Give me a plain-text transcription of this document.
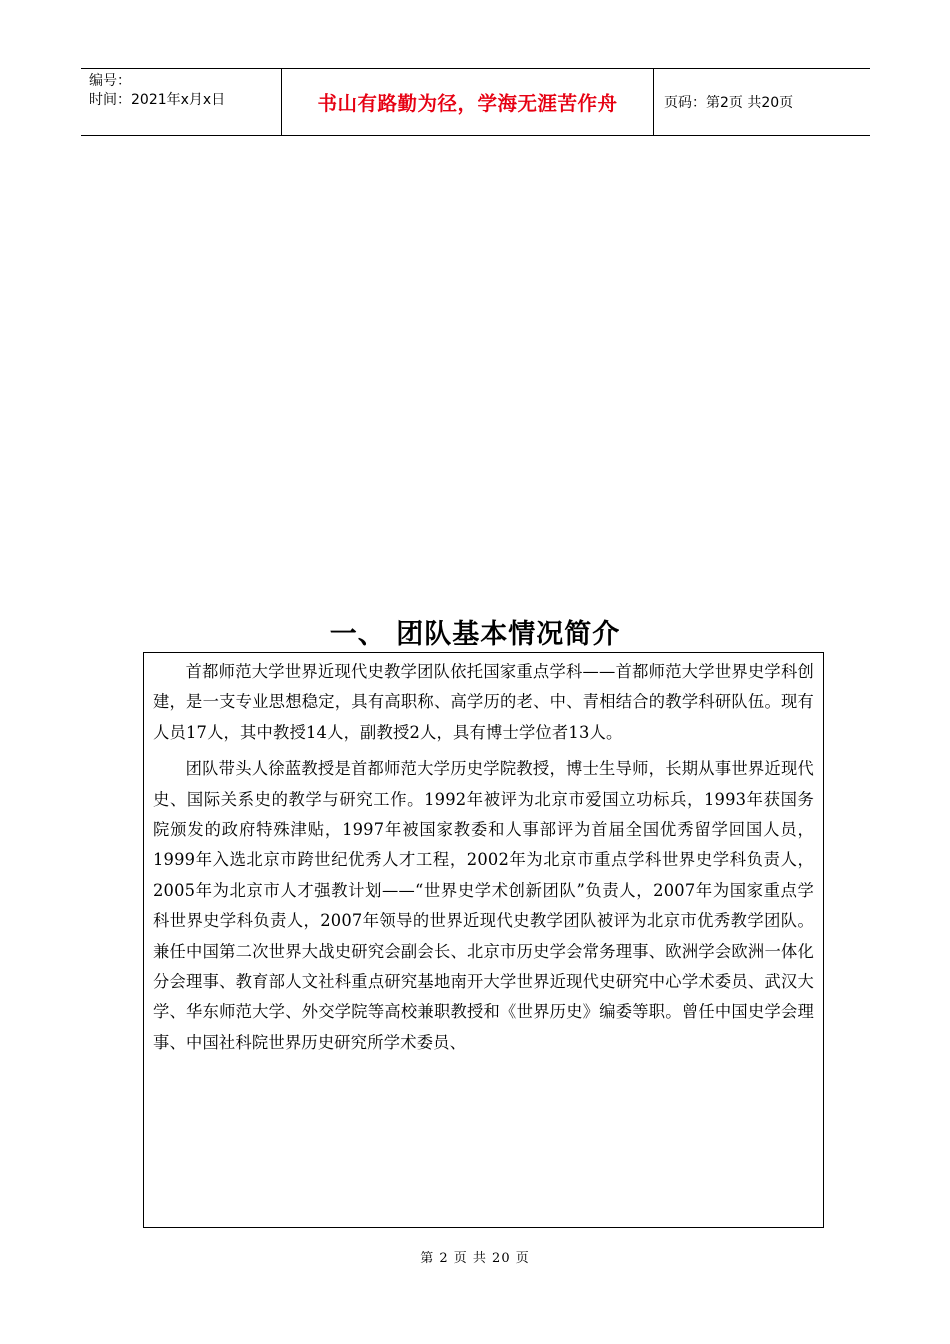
编号：
时间：2021年x月x日	书山有路勤为径，学海无涯苦作舟	页码：第2页 共20页
一、 团队基本情况简介

首都师范大学世界近现代史教学团队依托国家重点学科——首都师范大学世界史学科创建，是一支专业思想稳定，具有高职称、高学历的老、中、青相结合的教学科研队伍。现有人员17人，其中教授14人，副教授2人，具有博士学位者13人。

团队带头人徐蓝教授是首都师范大学历史学院教授，博士生导师，长期从事世界近现代史、国际关系史的教学与研究工作。1992年被评为北京市爱国立功标兵，1993年获国务院颁发的政府特殊津贴，1997年被国家教委和人事部评为首届全国优秀留学回国人员，1999年入选北京市跨世纪优秀人才工程，2002年为北京市重点学科世界史学科负责人，2005年为北京市人才强教计划——“世界史学术创新团队”负责人，2007年为国家重点学科世界史学科负责人，2007年领导的世界近现代史教学团队被评为北京市优秀教学团队。兼任中国第二次世界大战史研究会副会长、北京市历史学会常务理事、欧洲学会欧洲一体化分会理事、教育部人文社科重点研究基地南开大学世界近现代史研究中心学术委员、武汉大学、华东师范大学、外交学院等高校兼职教授和《世界历史》编委等职。曾任中国史学会理事、中国社科院世界历史研究所学术委员、

第 2 页 共 20 页
